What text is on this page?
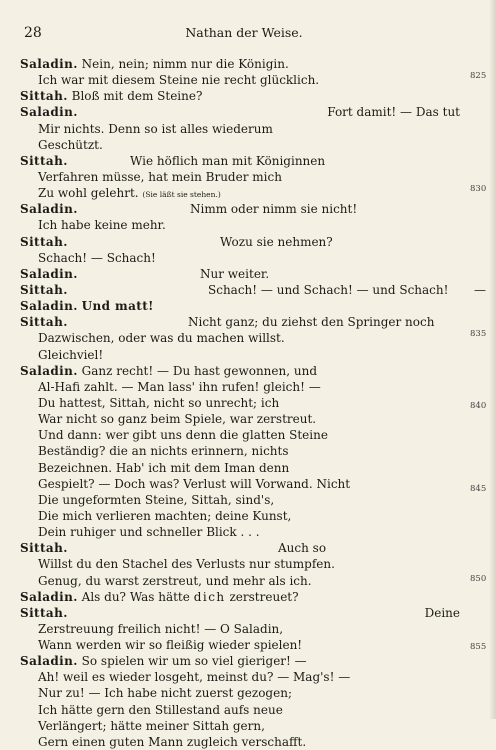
28	Nathan der Weise.
Saladin. Nein, nein; nimm nur die Königin.
Ich war mit diesem Steine nie recht glücklich.
Sittah. Bloß mit dem Steine?
Saladin.	Fort damit! — Das tut
Mir nichts. Denn so ist alles wiederum
Geschützt.
Sittah.	Wie höflich man mit Königinnen
Verfahren müsse, hat mein Bruder mich
Zu wohl gelehrt. (Sie läßt sie stehen.)
Saladin.	Nimm oder nimm sie nicht!
Ich habe keine mehr.
Sittah.	Wozu sie nehmen?
Schach! — Schach!
Saladin.	Nur weiter.
Sittah.	Schach! — und Schach! — und Schach! —
Saladin. Und matt!
Sittah.	Nicht ganz; du ziehst den Springer noch
Dazwischen, oder was du machen willst.
Gleichviel!
Saladin. Ganz recht! — Du hast gewonnen, und
Al-Hafi zahlt. — Man lass' ihn rufen! gleich! —
Du hattest, Sittah, nicht so unrecht; ich
War nicht so ganz beim Spiele, war zerstreut.
Und dann: wer gibt uns denn die glatten Steine
Beständig? die an nichts erinnern, nichts
Bezeichnen. Hab' ich mit dem Iman denn
Gespielt? — Doch was? Verlust will Vorwand. Nicht
Die ungeformten Steine, Sittah, sind's,
Die mich verlieren machten; deine Kunst,
Dein ruhiger und schneller Blick . . .
Sittah.	Auch so
Willst du den Stachel des Verlusts nur stumpfen.
Genug, du warst zerstreut, und mehr als ich.
Saladin. Als du? Was hätte dich zerstreuet?
Sittah.	Deine
Zerstreuung freilich nicht! — O Saladin,
Wann werden wir so fleißig wieder spielen!
Saladin. So spielen wir um so viel gieriger! —
Ah! weil es wieder losgeht, meinst du? — Mag's! —
Nur zu! — Ich habe nicht zuerst gezogen;
Ich hätte gern den Stillestand aufs neue
Verlängert; hätte meiner Sittah gern,
Gern einen guten Mann zugleich verschafft.
825
830
835
840
845
850
855
